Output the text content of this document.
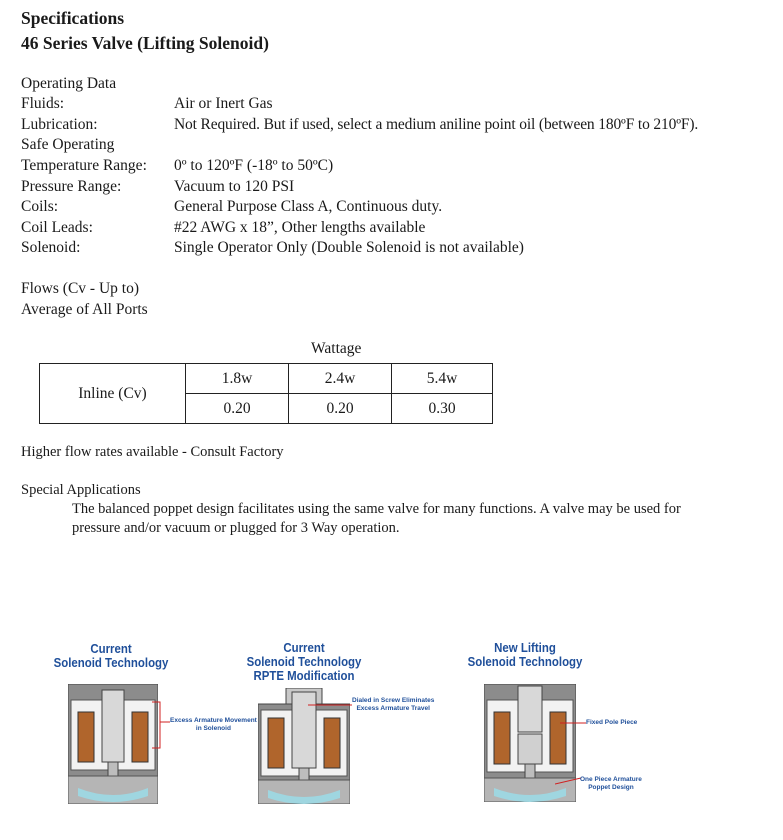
Specifications
46 Series Valve (Lifting Solenoid)
Operating Data
Fluids:	Air or Inert Gas
Lubrication:	Not Required. But if used, select a medium aniline point oil (between 180ºF to 210ºF).
Safe Operating
Temperature Range: 0º to 120ºF (-18º to 50ºC)
Pressure Range:	Vacuum to 120 PSI
Coils:	General Purpose Class A, Continuous duty.
Coil Leads:	#22 AWG x 18”, Other lengths available
Solenoid:	Single Operator Only (Double Solenoid is not available)
Flows (Cv - Up to)
Average of All Ports
Wattage
Inline (Cv)	1.8w	2.4w	5.4w
	0.20	0.20	0.30
Higher flow rates available - Consult Factory
Special Applications
The balanced poppet design facilitates using the same valve for many functions. A valve may be used for
pressure and/or vacuum or plugged for 3 Way operation.
Current
Solenoid Technology
Excess Armature Movement
in Solenoid
Current
Solenoid Technology
RPTE Modification
Dialed in Screw Eliminates
Excess Armature Travel
New Lifting
Solenoid Technology
Fixed Pole Piece
One Piece Armature
Poppet Design
